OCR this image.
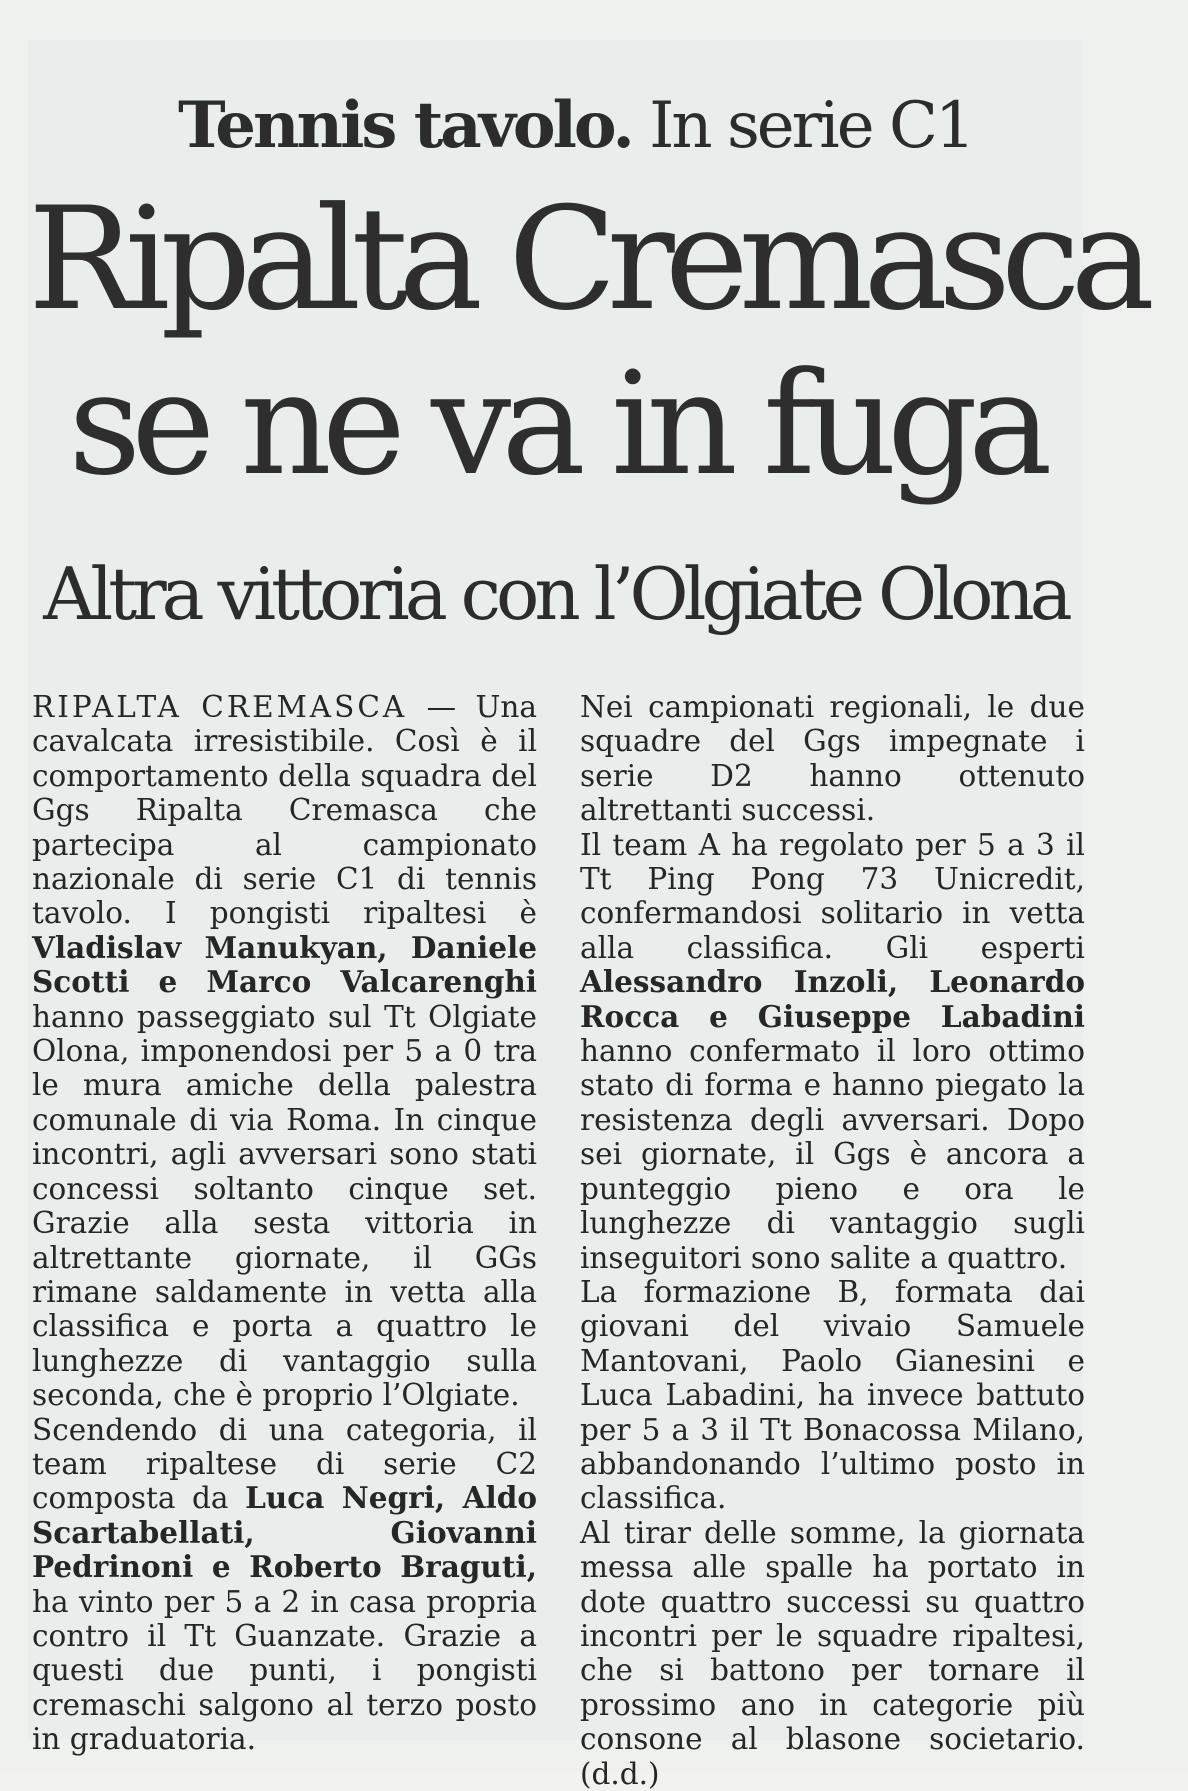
Tennis tavolo. In serie C1
Ripalta Cremasca
se ne va in fuga
Altra vittoria con l’Olgiate Olona

RIPALTA CREMASCA — Una cavalcata irresistibile. Così è il comportamento della squadra del Ggs Ripalta Cremasca che partecipa al campionato nazionale di serie C1 di tennis tavolo. I pongisti ripaltesi è Vladislav Manukyan, Daniele Scotti e Marco Valcarenghi hanno passeggiato sul Tt Olgiate Olona, imponendosi per 5 a 0 tra le mura amiche della palestra comunale di via Roma. In cinque incontri, agli avversari sono stati concessi soltanto cinque set. Grazie alla sesta vittoria in altrettante giornate, il GGs rimane saldamente in vetta alla classifica e porta a quattro le lunghezze di vantaggio sulla seconda, che è proprio l’Olgiate.

Scendendo di una categoria, il team ripaltese di serie C2 composta da Luca Negri, Aldo Scartabellati, Giovanni Pedrinoni e Roberto Braguti, ha vinto per 5 a 2 in casa propria contro il Tt Guanzate. Grazie a questi due punti, i pongisti cremaschi salgono al terzo posto in graduatoria.

Nei campionati regionali, le due squadre del Ggs impegnate i serie D2 hanno ottenuto altrettanti successi.

Il team A ha regolato per 5 a 3 il Tt Ping Pong 73 Unicredit, confermandosi solitario in vetta alla classifica. Gli esperti Alessandro Inzoli, Leonardo Rocca e Giuseppe Labadini hanno confermato il loro ottimo stato di forma e hanno piegato la resistenza degli avversari. Dopo sei giornate, il Ggs è ancora a punteggio pieno e ora le lunghezze di vantaggio sugli inseguitori sono salite a quattro.

La formazione B, formata dai giovani del vivaio Samuele Mantovani, Paolo Gianesini e Luca Labadini, ha invece battuto per 5 a 3 il Tt Bonacossa Milano, abbandonando l’ultimo posto in classifica.

Al tirar delle somme, la giornata messa alle spalle ha portato in dote quattro successi su quattro incontri per le squadre ripaltesi, che si battono per tornare il prossimo ano in categorie più consone al blasone societario. (d.d.)
